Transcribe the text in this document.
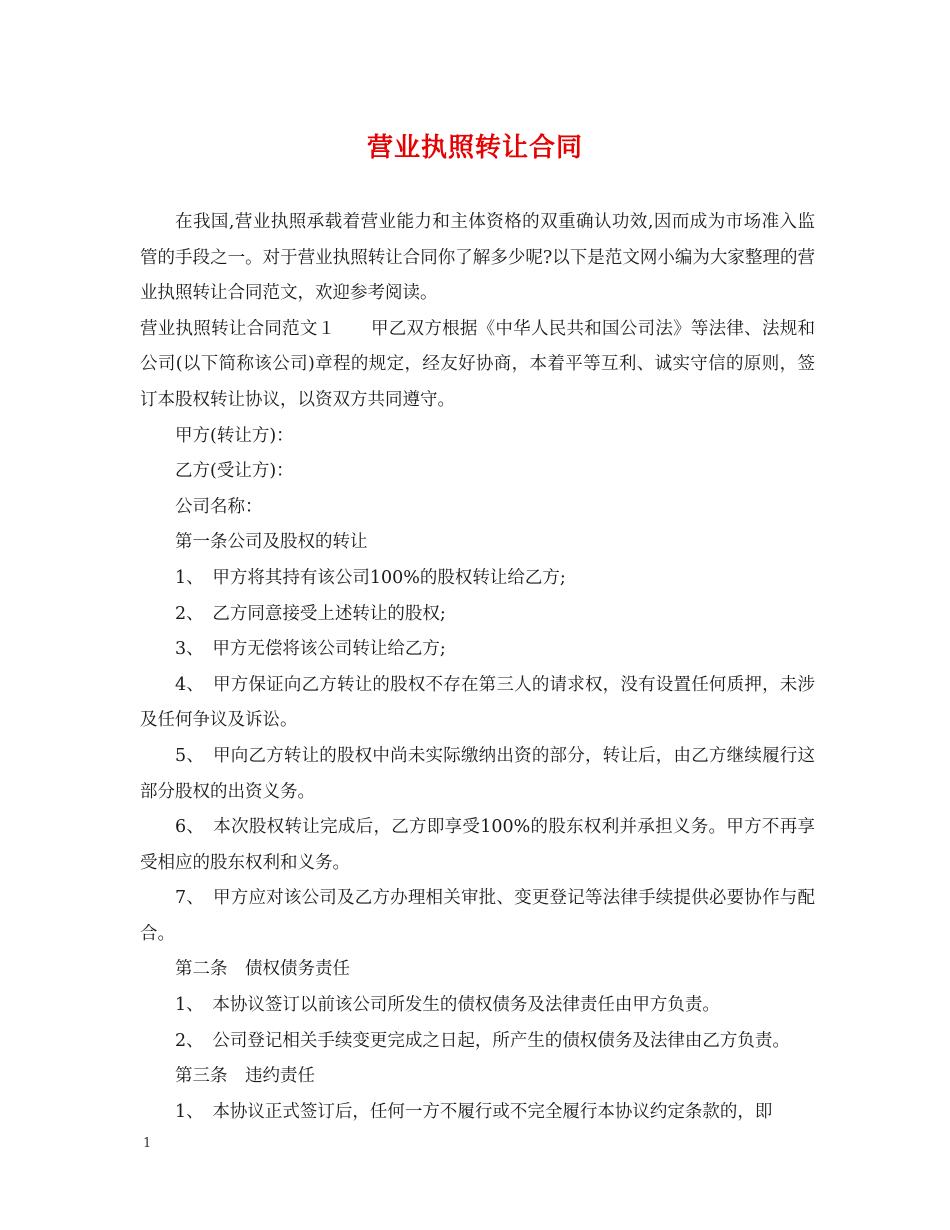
营业执照转让合同

在我国,营业执照承载着营业能力和主体资格的双重确认功效,因而成为市场准入监管的手段之一。对于营业执照转让合同你了解多少呢?以下是范文网小编为大家整理的营业执照转让合同范文，欢迎参考阅读。

营业执照转让合同范文１　　甲乙双方根据《中华人民共和国公司法》等法律、法规和公司(以下简称该公司)章程的规定，经友好协商，本着平等互利、诚实守信的原则，签订本股权转让协议，以资双方共同遵守。

甲方(转让方)：

乙方(受让方)：

公司名称：

第一条公司及股权的转让

1、　甲方将其持有该公司100%的股权转让给乙方;

2、　乙方同意接受上述转让的股权;

3、　甲方无偿将该公司转让给乙方;

4、　甲方保证向乙方转让的股权不存在第三人的请求权，没有设置任何质押，未涉及任何争议及诉讼。

5、　甲向乙方转让的股权中尚未实际缴纳出资的部分，转让后，由乙方继续履行这部分股权的出资义务。

6、　本次股权转让完成后，乙方即享受100%的股东权利并承担义务。甲方不再享受相应的股东权利和义务。

7、　甲方应对该公司及乙方办理相关审批、变更登记等法律手续提供必要协作与配合。

第二条　债权债务责任

1、　本协议签订以前该公司所发生的债权债务及法律责任由甲方负责。

2、　公司登记相关手续变更完成之日起，所产生的债权债务及法律由乙方负责。

第三条　违约责任

1、　本协议正式签订后，任何一方不履行或不完全履行本协议约定条款的，即

1
